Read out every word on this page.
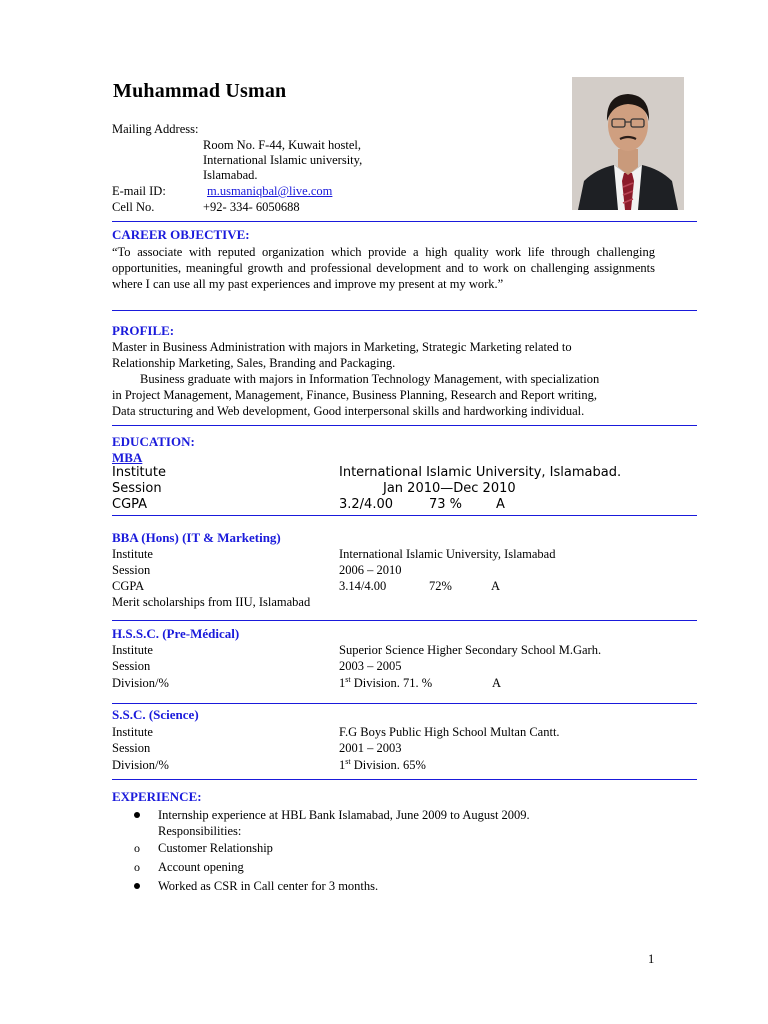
Muhammad Usman
Mailing Address:
Room No. F-44, Kuwait hostel,
International Islamic university,
Islamabad.
E-mail ID:	m.usmaniqbal@live.com
Cell No.	+92- 334- 6050688
CAREER OBJECTIVE:
“To associate with reputed organization which provide a high quality work life through challenging opportunities, meaningful growth and professional development and to work on challenging assignments where I can use all my past experiences and improve my present at my work.”
PROFILE:
Master in Business Administration with majors in Marketing, Strategic Marketing related to
Relationship Marketing, Sales, Branding and Packaging.
Business graduate with majors in Information Technology Management, with specialization
in Project Management, Management, Finance, Business Planning, Research and Report writing,
Data structuring and Web development, Good interpersonal skills and hardworking individual.
EDUCATION:
MBA
Institute	International Islamic University, Islamabad.
Session	Jan 2010—Dec 2010
CGPA	3.2/4.00	73 %	A
BBA (Hons) (IT & Marketing)
Institute	International Islamic University, Islamabad
Session	2006 – 2010
CGPA	3.14/4.00	72%	A
Merit scholarships from IIU, Islamabad
H.S.S.C. (Pre-Médical)
Institute	Superior Science Higher Secondary School M.Garh.
Session	2003 – 2005
Division/%	1st Division. 71. %	A
S.S.C. (Science)
Institute	F.G Boys Public High School Multan Cantt.
Session	2001 – 2003
Division/%	1st Division. 65%
EXPERIENCE:
Internship experience at HBL Bank Islamabad, June 2009 to August 2009.
Responsibilities:
o Customer Relationship
o Account opening
Worked as CSR in Call center for 3 months.
1
